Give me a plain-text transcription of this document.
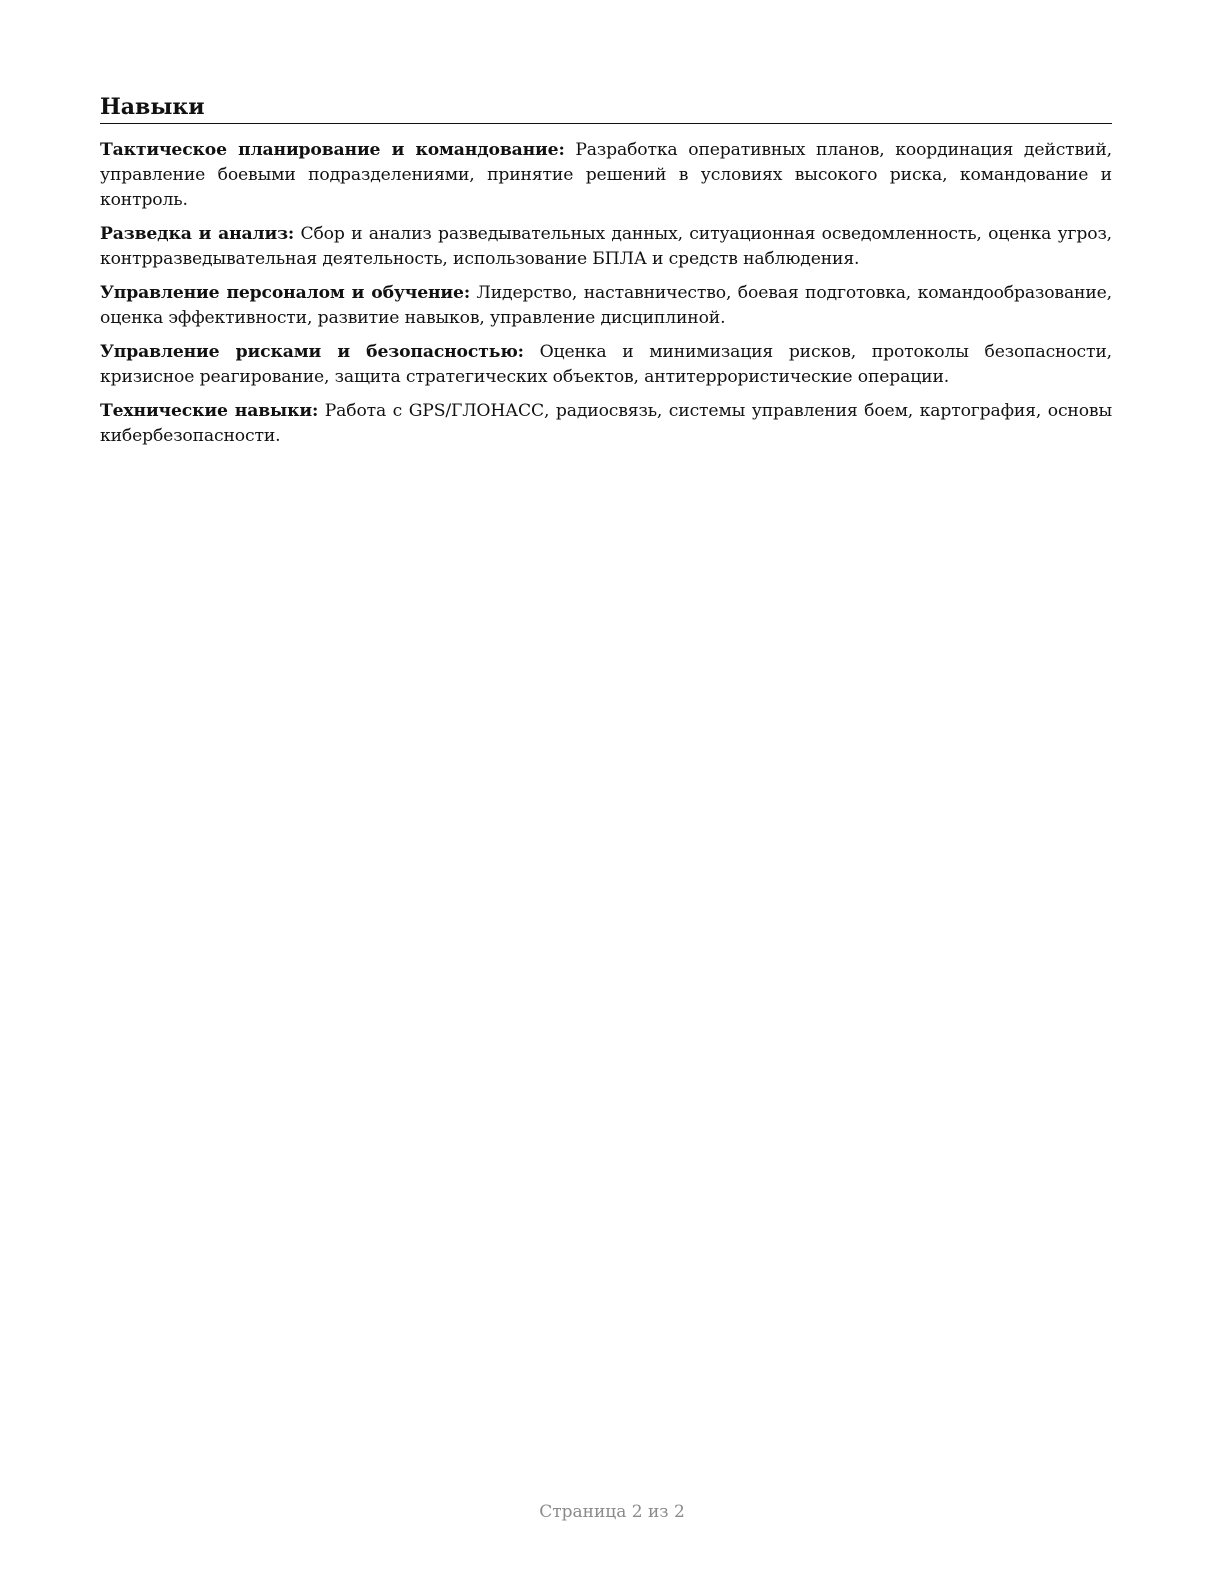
Навыки

Тактическое планирование и командование: Разработка оперативных планов, координация действий, управление боевыми подразделениями, принятие решений в условиях высокого риска, командование и контроль.

Разведка и анализ: Сбор и анализ разведывательных данных, ситуационная осведомленность, оценка угроз, контрразведывательная деятельность, использование БПЛА и средств наблюдения.

Управление персоналом и обучение: Лидерство, наставничество, боевая подготовка, командообразование, оценка эффективности, развитие навыков, управление дисциплиной.

Управление рисками и безопасностью: Оценка и минимизация рисков, протоколы безопасности, кризисное реагирование, защита стратегических объектов, антитеррористические операции.

Технические навыки: Работа с GPS/ГЛОНАСС, радиосвязь, системы управления боем, картография, основы кибербезопасности.

Страница 2 из 2
